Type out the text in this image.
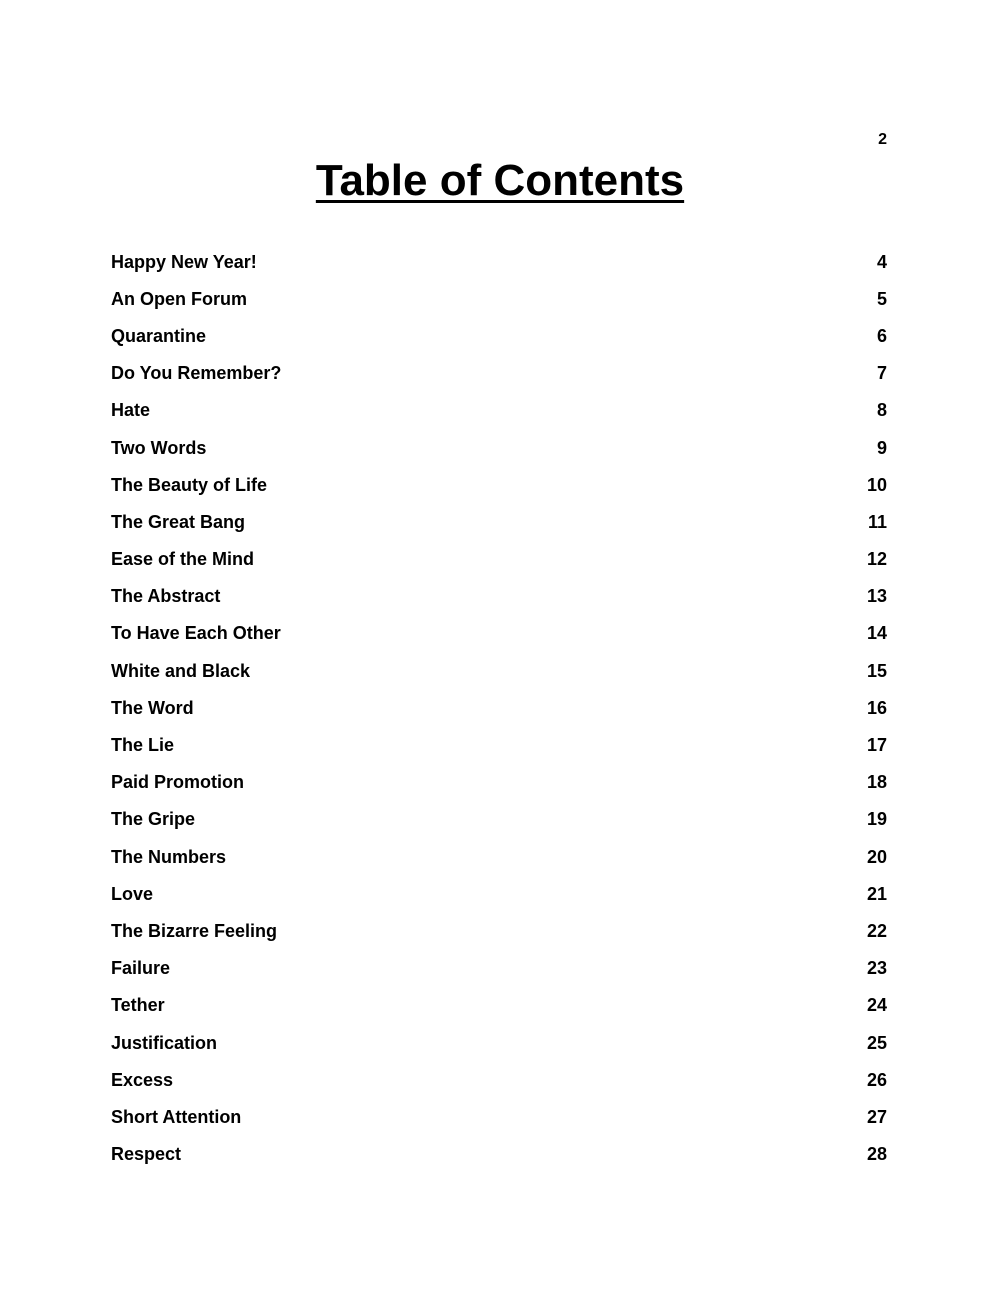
2
Table of Contents
Happy New Year!	4
An Open Forum	5
Quarantine	6
Do You Remember?	7
Hate	8
Two Words	9
The Beauty of Life	10
The Great Bang	11
Ease of the Mind	12
The Abstract	13
To Have Each Other	14
White and Black	15
The Word	16
The Lie	17
Paid Promotion	18
The Gripe	19
The Numbers	20
Love	21
The Bizarre Feeling	22
Failure	23
Tether	24
Justification	25
Excess	26
Short Attention	27
Respect	28
